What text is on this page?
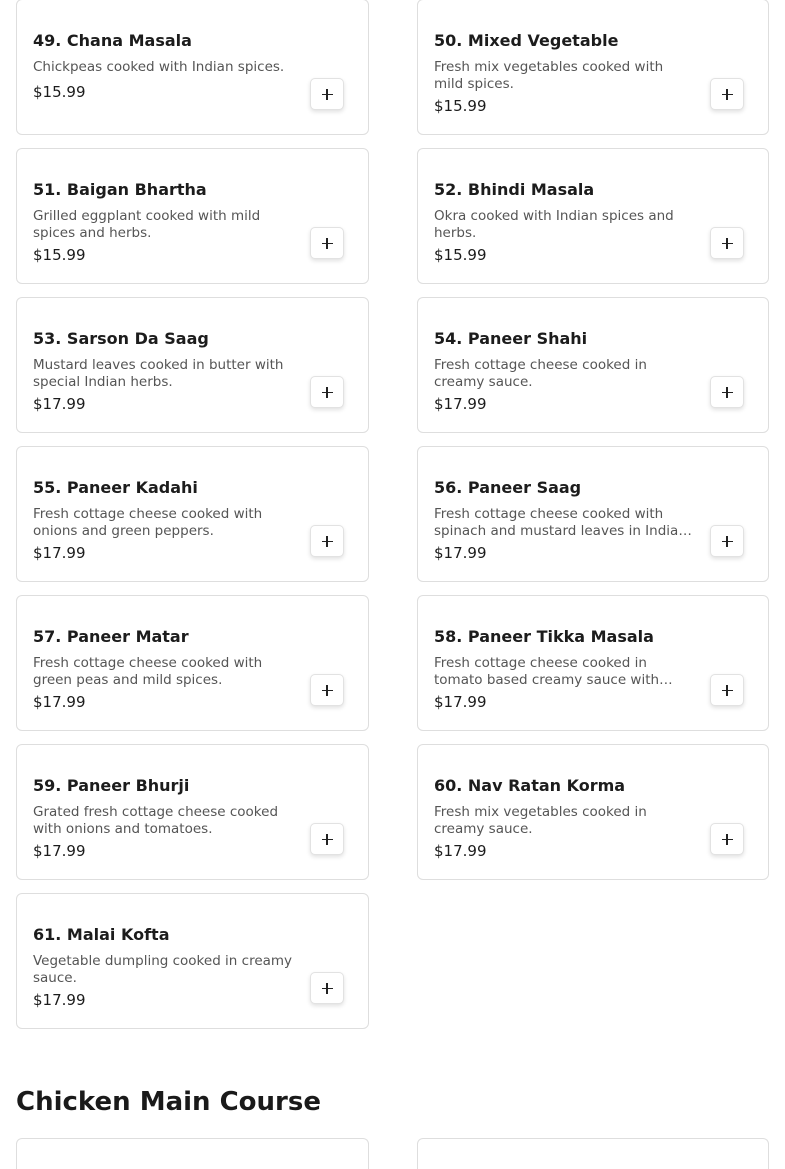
49. Chana Masala
Chickpeas cooked with Indian spices.
$15.99
50. Mixed Vegetable
Fresh mix vegetables cooked with mild spices.
$15.99
51. Baigan Bhartha
Grilled eggplant cooked with mild spices and herbs.
$15.99
52. Bhindi Masala
Okra cooked with Indian spices and herbs.
$15.99
53. Sarson Da Saag
Mustard leaves cooked in butter with special Indian herbs.
$17.99
54. Paneer Shahi
Fresh cottage cheese cooked in creamy sauce.
$17.99
55. Paneer Kadahi
Fresh cottage cheese cooked with onions and green peppers.
$17.99
56. Paneer Saag
Fresh cottage cheese cooked with spinach and mustard leaves in Indian
$17.99
57. Paneer Matar
Fresh cottage cheese cooked with green peas and mild spices.
$17.99
58. Paneer Tikka Masala
Fresh cottage cheese cooked in tomato based creamy sauce with
$17.99
59. Paneer Bhurji
Grated fresh cottage cheese cooked with onions and tomatoes.
$17.99
60. Nav Ratan Korma
Fresh mix vegetables cooked in creamy sauce.
$17.99
61. Malai Kofta
Vegetable dumpling cooked in creamy sauce.
$17.99
Chicken Main Course
